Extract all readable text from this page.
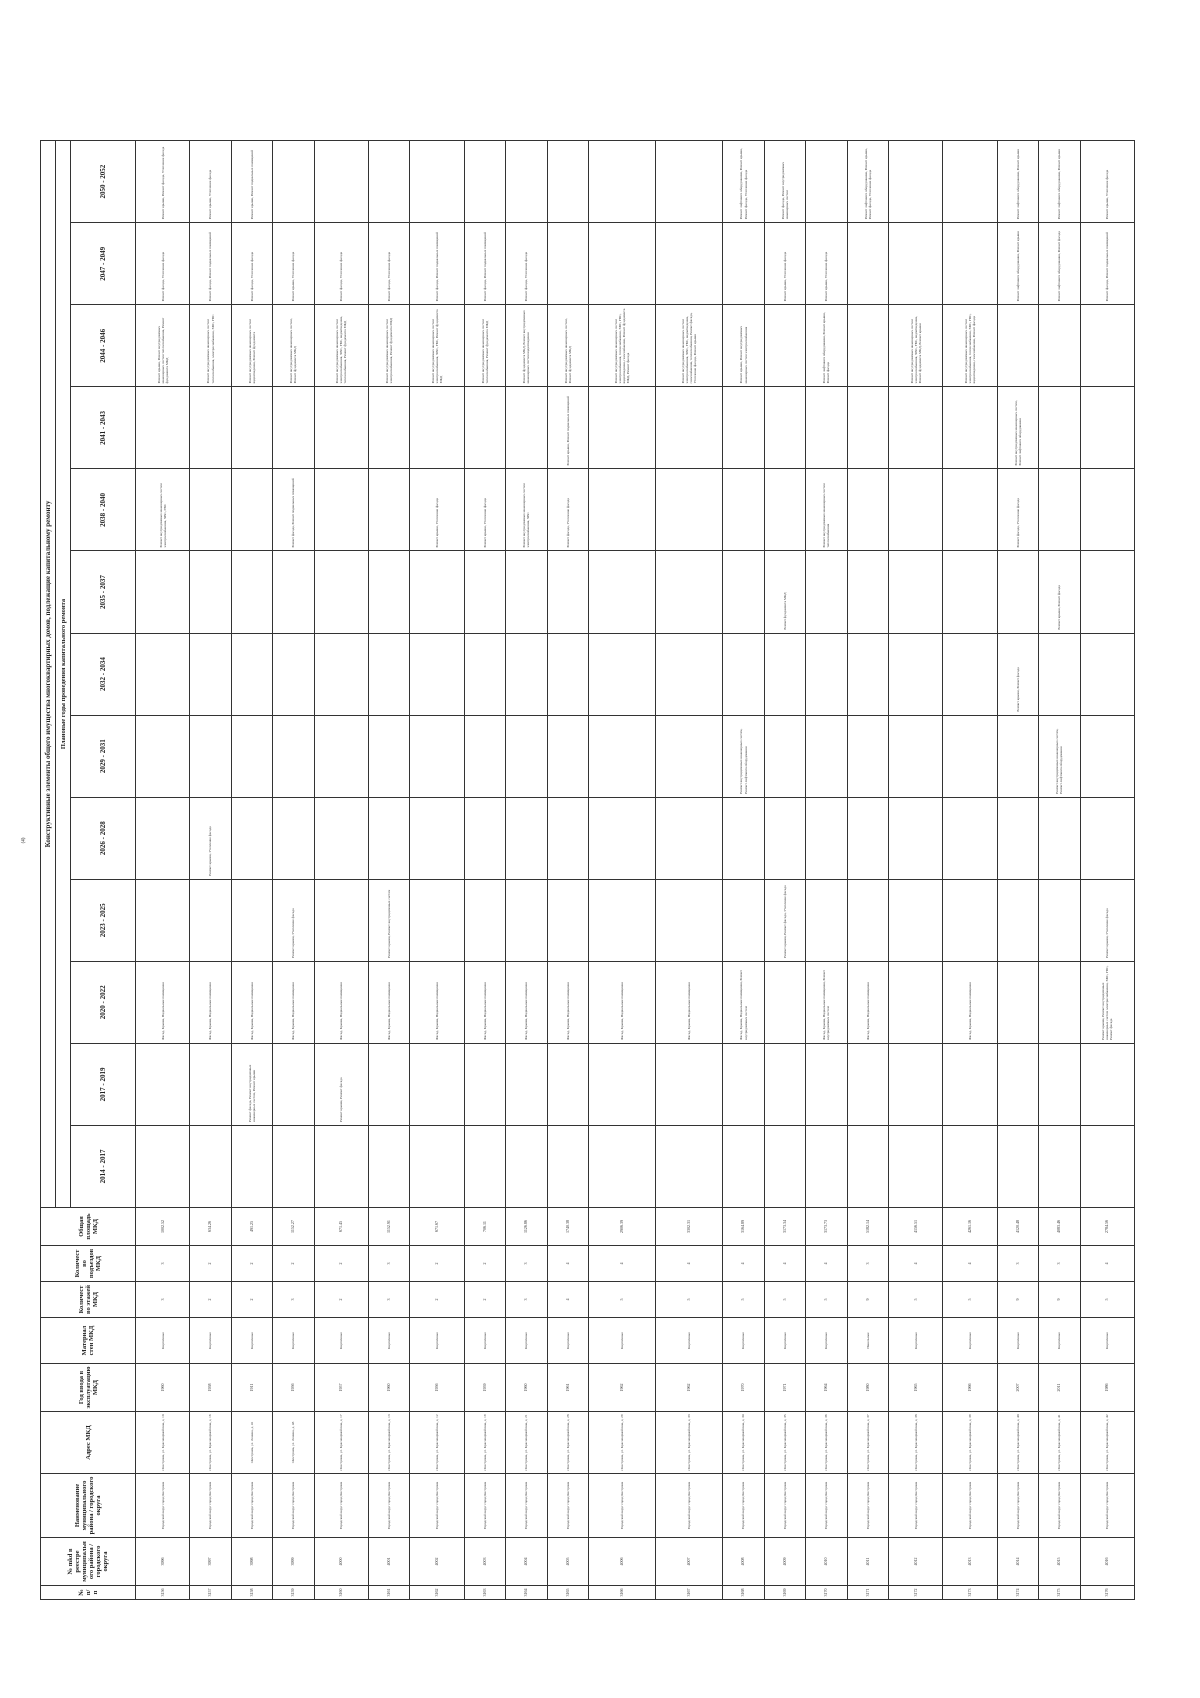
(4)
№ п/п	№ mkd в реестре муниципального района / городского округа	Наименование муниципального района / городского округа	Адрес МКД	Год ввода в эксплуатацию МКД	Материал стен МКД	Количество этажей МКД	Количество подъездов МКД	Общая площадь МКД	Конструктивные элементы общего имущества многоквартирных домов, подлежащие капитальному ремонту												
									Плановые годы проведения капитального ремонта												
									2014 - 2017	2017 - 2019	2020 - 2022	2023 - 2025	2026 - 2028	2029 - 2031	2032 - 2034	2035 - 2037	2038 - 2040	2041 - 2043	2044 - 2046	2047 - 2049	2050 - 2052
3156	3996	Городской округ город Кострома	г.Кострома, ул. Красноармейская, д. 10	1960	Кирпичные	3	3	1002.52			Фасад, Крыша, Подвальные помещения						Ремонт внутридомовых инженерных систем электроснабжения, ХВС, ГВС		Ремонт крыши, Ремонт внутридомовых инженерных систем теплоснабжения, Ремонт фундамента МКД	Ремонт фасада, Утепление фасада	Ремонт крыши, Ремонт фасада, Утепление фасада
3157	3997	Городской округ город Кострома	г.Кострома, ул. Красноармейская, д. 16	1958	Кирпичные	2	2	634.26			Фасад, Крыша, Подвальные помещения		Ремонт крыши, Утепление фасада						Ремонт внутридомовых инженерных систем теплоснабжения, электроснабжения, ХВС, ГВС	Ремонт фасада, Ремонт подвальных помещений	Ремонт крыши, Утепление фасада
3158	3998	Городской округ город Кострома	г.Кострома, ул. Ленина, д. 41	1911	Кирпичные	2	2	491.25		Ремонт фасада, Ремонт внутридомовых инженерных систем, Ремонт крыши	Фасад, Крыша, Подвальные помещения								Ремонт внутридомовых инженерных систем водоотведения, Ремонт фундамента	Ремонт фасада, Утепление фасада	Ремонт крыши, Ремонт подвальных помещений
3159	3999	Городской округ город Кострома	г.Кострома, ул. Ленина, д. 43	1956	Кирпичные	3	2	1152.27			Фасад, Крыша, Подвальные помещения	Ремонт крыши, Утепление фасада					Ремонт фасада, Ремонт подвальных помещений		Ремонт внутридомовых инженерных систем, Ремонт фундамента МКД	Ремонт крыши, Утепление фасада	
3160	4000	Городской округ город Кострома	г.Кострома, ул. Красноармейская, д. 17	1957	Кирпичные	2	2	671.45		Ремонт крыши, Ремонт фасада	Фасад, Крыша, Подвальные помещения								Ремонт внутридомовых инженерных систем электроснабжения, ХВС, ГВС, водоотведения, теплоснабжения, Ремонт фундамента МКД	Ремонт фасада, Утепление фасада	
3161	4001	Городской округ город Кострома	г.Кострома, ул. Красноармейская, д. 13	1960	Кирпичные	3	3	1152.91			Фасад, Крыша, Подвальные помещения	Ремонт крыши, Ремонт внутридомовых систем							Ремонт внутридомовых инженерных систем электроснабжения, Ремонт фундамента МКД	Ремонт фасада, Утепление фасада	
3162	4002	Городской округ город Кострома	г.Кострома, ул. Красноармейская, д. 12	1956	Кирпичные	2	2	671.67			Фасад, Крыша, Подвальные помещения						Ремонт крыши, Утепление фасада		Ремонт внутридомовых инженерных систем электроснабжения, ХВС, ГВС, Ремонт фундамента МКД	Ремонт фасада, Ремонт подвальных помещений	
3163	4003	Городской округ город Кострома	г.Кострома, ул. Красноармейская, д. 19	1959	Кирпичные	2	2	706.11			Фасад, Крыша, Подвальные помещения						Ремонт крыши, Утепление фасада		Ремонт внутридомовых инженерных систем теплоснабжения, Ремонт фундамента МКД	Ремонт фасада, Ремонт подвальных помещений	
3164	4004	Городской округ город Кострома	г.Кострома, ул. Красноармейская, д. 21	1960	Кирпичные	3	3	1126.86			Фасад, Крыша, Подвальные помещения						Ремонт внутридомовых инженерных систем электроснабжения, ХВС		Ремонт фундамента МКД, Ремонт внутридомовых инженерных систем водоотведения	Ремонт фасада, Утепление фасада	
3165	4005	Городской округ город Кострома	г.Кострома, ул. Красноармейская, д. 28	1961	Кирпичные	4	4	1740.38			Фасад, Крыша, Подвальные помещения						Ремонт фасада, Утепление фасада	Ремонт крыши, Ремонт подвальных помещений	Ремонт внутридомовых инженерных систем, Ремонт фундамента МКД		
3166	4006	Городской округ город Кострома	г.Кострома, ул. Красноармейская, д. 29	1962	Кирпичные	5	4	2906.39			Фасад, Крыша, Подвальные помещения								Ремонт внутридомовых инженерных систем электроснабжения, теплоснабжения, ХВС, ГВС, водоотведения, газоснабжения, Ремонт фундамента МКД, Ремонт фасада		
3167	4007	Городской округ город Кострома	г.Кострома, ул. Красноармейская, д. 33	1962	Кирпичные	5	4	3302.31			Фасад, Крыша, Подвальные помещения								Ремонт внутридомовых инженерных систем электроснабжения, ХВС, ГВС, водоотведения, газоснабжения, теплоснабжения, Ремонт фасада, Утепление фасада, Ремонт крыши		
3168	4008	Городской округ город Кострома	г.Кострома, ул. Красноармейская, д. 34	1970	Кирпичные	5	4	3164.89			Фасад, Крыша, Подвальные помещения, Ремонт внутридомовых систем			Ремонт внутридомовых инженерных систем, Ремонт лифтового оборудования					Ремонт крыши, Ремонт внутридомовых инженерных систем электроснабжения		Ремонт лифтового оборудования, Ремонт крыши, Ремонт фасада, Утепление фасада
3169	4009	Городской округ город Кострома	г.Кострома, ул. Красноармейская, д. 35	1971	Кирпичные	5	4	3173.34				Ремонт крыши, Ремонт фасада, Утепление фасада				Ремонт фундамента МКД				Ремонт крыши, Утепление фасада	Ремонт фасада, Ремонт внутридомовых инженерных систем
3170	4010	Городской округ город Кострома	г.Кострома, ул. Красноармейская, д. 36	1964	Кирпичные	5	4	3173.73			Фасад, Крыша, Подвальные помещения, Ремонт внутридомовых систем						Ремонт внутридомовых инженерных систем теплоснабжения		Ремонт лифтового оборудования, Ремонт крыши, Ремонт фасада	Ремонт крыши, Утепление фасада	
3171	4011	Городской округ город Кострома	г.Кострома, ул. Красноармейская, д. 37	1980	Панельные	9	3	5182.14			Фасад, Крыша, Подвальные помещения										Ремонт лифтового оборудования, Ремонт крыши, Ремонт фасада, Утепление фасада
3172	4012	Городской округ город Кострома	г.Кострома, ул. Красноармейская, д. 38	1965	Кирпичные	5	4	4156.51											Ремонт внутридомовых инженерных систем электроснабжения, ХВС, ГВС, водоотведения, Ремонт фундамента МКД, Ремонт крыши		
3173	4013	Городской округ город Кострома	г.Кострома, ул. Красноармейская, д. 39	1966	Кирпичные	5	4	4261.16			Фасад, Крыша, Подвальные помещения								Ремонт внутридомовых инженерных систем электроснабжения, теплоснабжения, ХВС, ГВС, водоотведения, газоснабжения, Ремонт фасада		
3174	4014	Городской округ город Кострома	г.Кострома, ул. Красноармейская, д. 40	2007	Кирпичные	9	3	4120.48							Ремонт крыши, Ремонт фасада		Ремонт фасада, Утепление фасада	Ремонт внутридомовых инженерных систем, Ремонт лифтового оборудования		Ремонт лифтового оборудования, Ремонт крыши	Ремонт лифтового оборудования, Ремонт крыши
3175	4015	Городской округ город Кострома	г.Кострома, ул. Красноармейская, д. 41	2011	Кирпичные	9	3	4083.46						Ремонт внутридомовых инженерных систем, Ремонт лифтового оборудования		Ремонт крыши, Ремонт фасада				Ремонт лифтового оборудования, Ремонт фасада	Ремонт лифтового оборудования, Ремонт крыши
3176	4016	Городской округ город Кострома	г.Кострома, ул. Красноармейская, д. 42	1986	Кирпичные	5	4	2784.56			Ремонт крыши, Ремонт внутридомовых инженерных систем электроснабжения, ХВС, ГВС, Ремонт фасада	Ремонт крыши, Утепление фасада								Ремонт фасада, Ремонт подвальных помещений	Ремонт крыши, Утепление фасада
